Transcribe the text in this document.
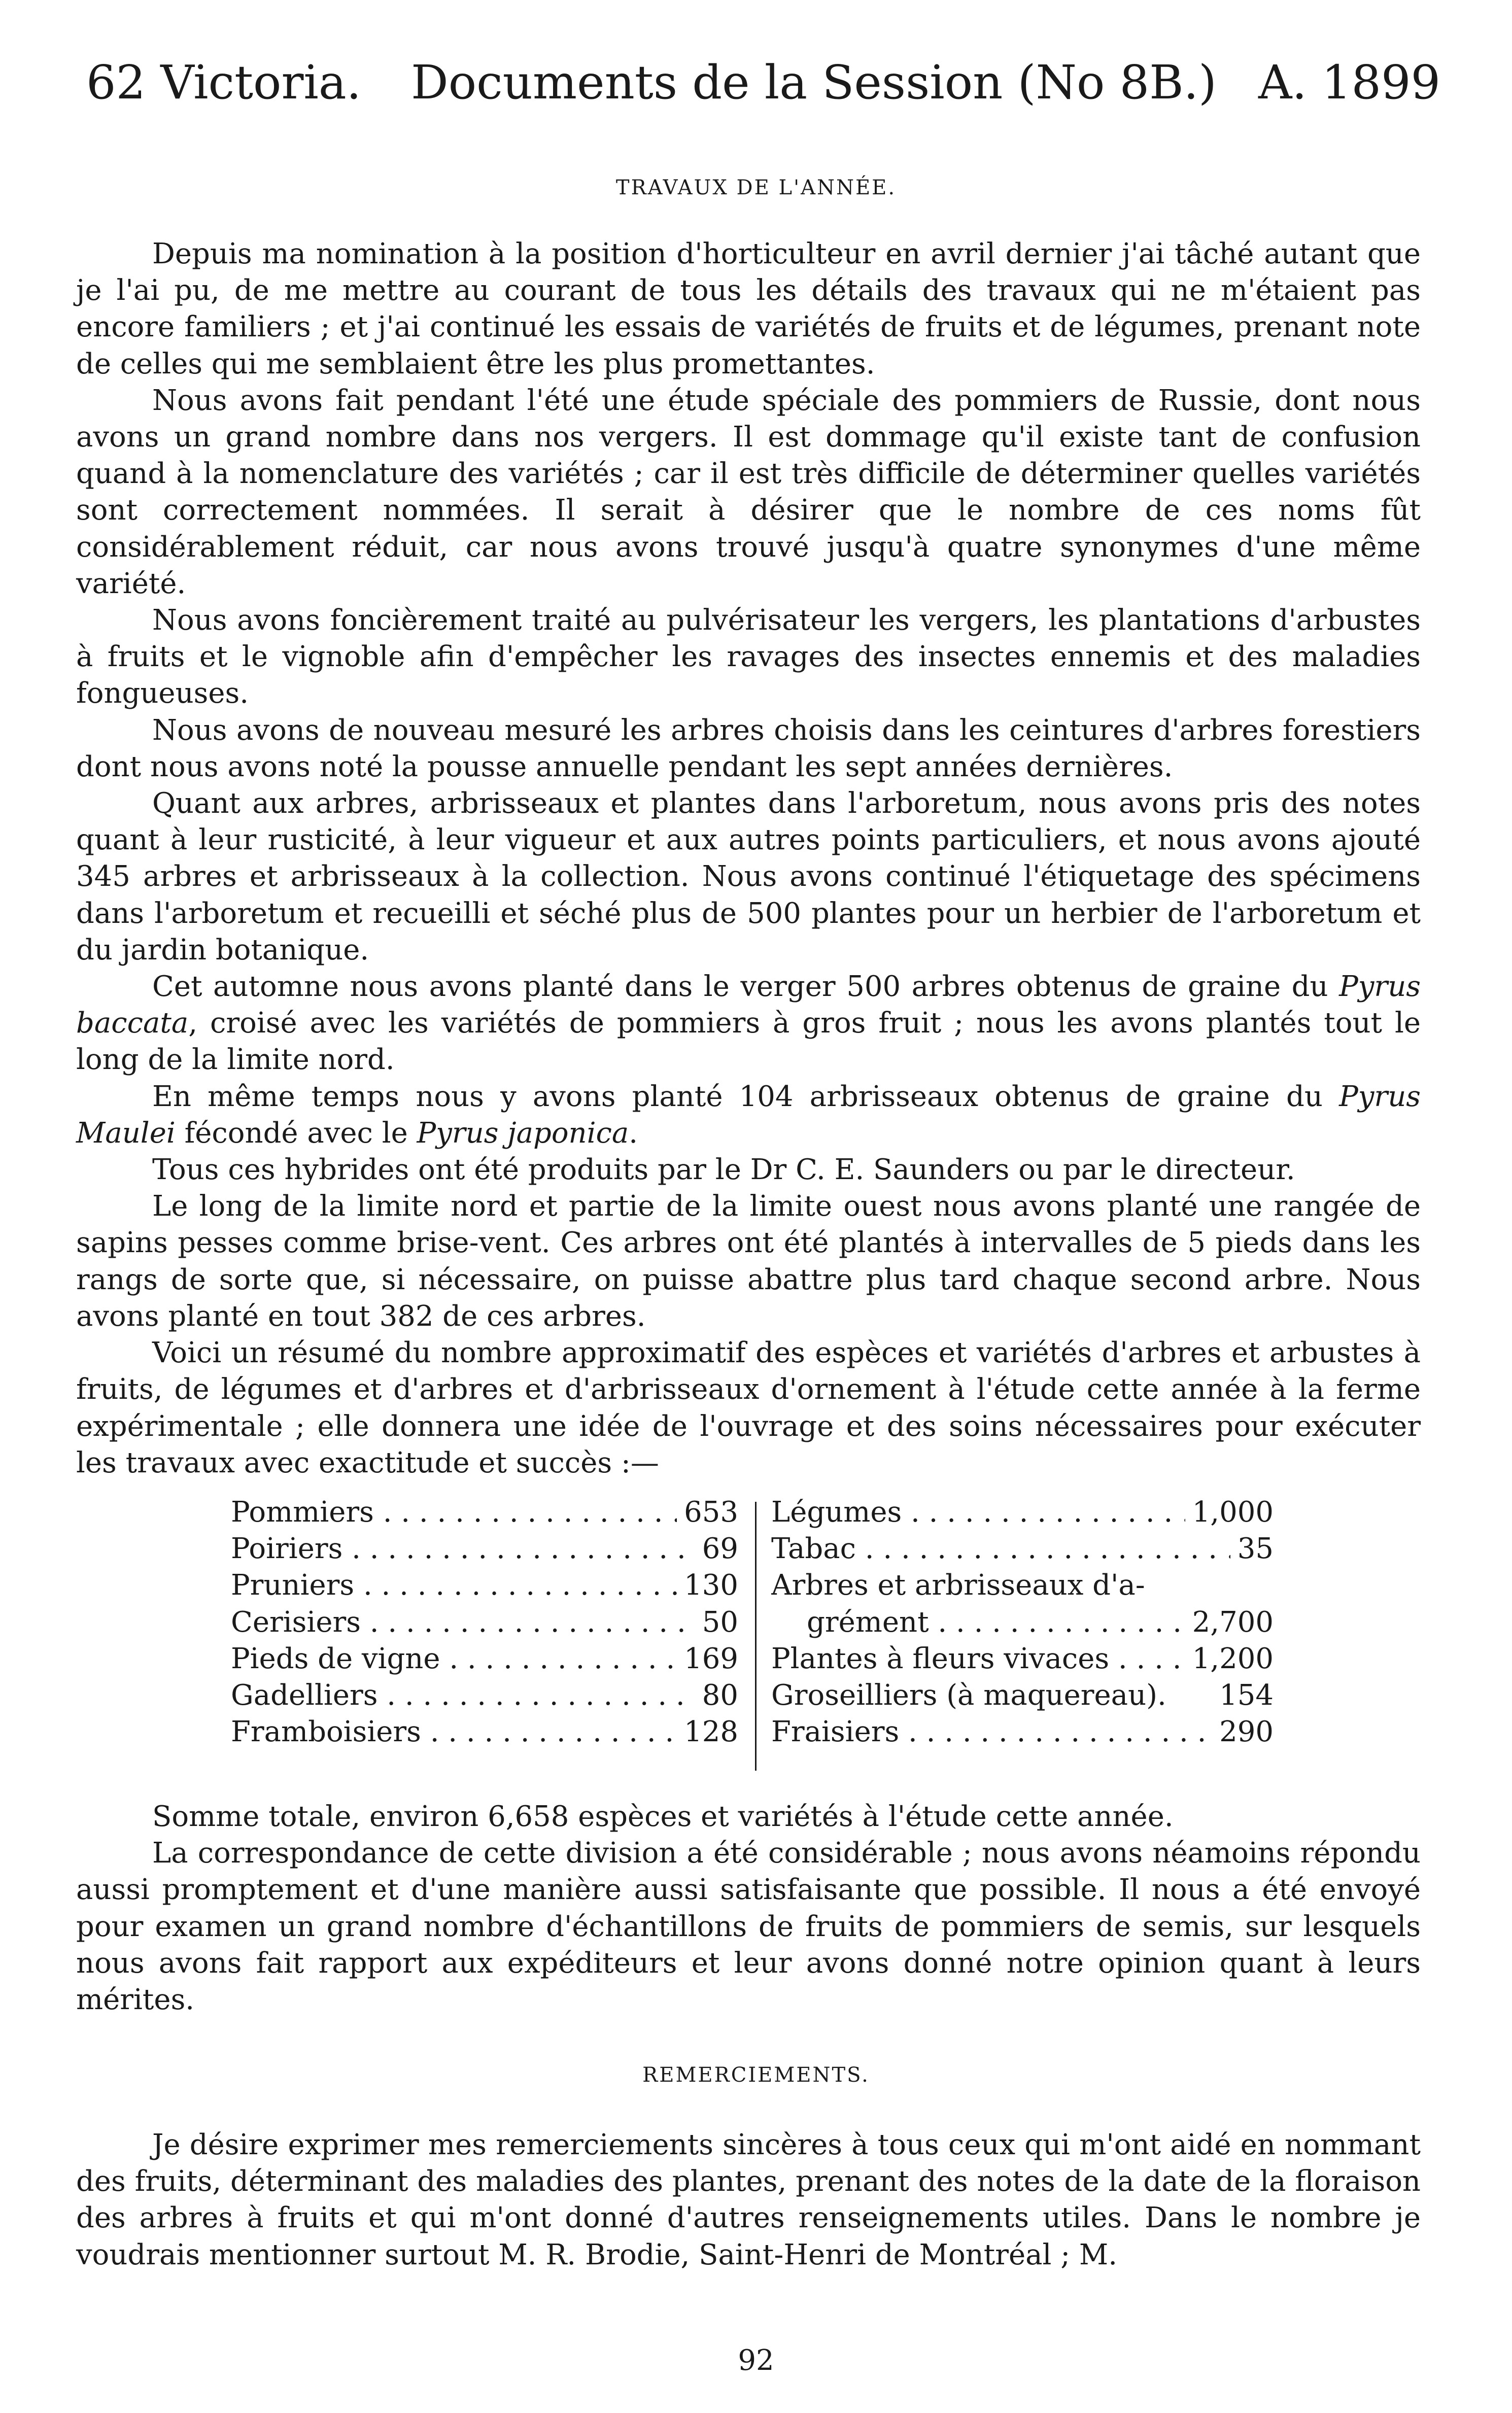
62 Victoria. Documents de la Session (No 8B.) A. 1899
TRAVAUX DE L'ANNÉE.

Depuis ma nomination à la position d'horticulteur en avril dernier j'ai tâché autant que je l'ai pu, de me mettre au courant de tous les détails des travaux qui ne m'étaient pas encore familiers ; et j'ai continué les essais de variétés de fruits et de légumes, prenant note de celles qui me semblaient être les plus promettantes.

Nous avons fait pendant l'été une étude spéciale des pommiers de Russie, dont nous avons un grand nombre dans nos vergers. Il est dommage qu'il existe tant de confusion quand à la nomenclature des variétés ; car il est très difficile de déterminer quelles variétés sont correctement nommées. Il serait à désirer que le nombre de ces noms fût considérablement réduit, car nous avons trouvé jusqu'à quatre synonymes d'une même variété.

Nous avons foncièrement traité au pulvérisateur les vergers, les plantations d'arbustes à fruits et le vignoble afin d'empêcher les ravages des insectes ennemis et des maladies fongueuses.

Nous avons de nouveau mesuré les arbres choisis dans les ceintures d'arbres forestiers dont nous avons noté la pousse annuelle pendant les sept années dernières.

Quant aux arbres, arbrisseaux et plantes dans l'arboretum, nous avons pris des notes quant à leur rusticité, à leur vigueur et aux autres points particuliers, et nous avons ajouté 345 arbres et arbrisseaux à la collection. Nous avons continué l'étiquetage des spécimens dans l'arboretum et recueilli et séché plus de 500 plantes pour un herbier de l'arboretum et du jardin botanique.

Cet automne nous avons planté dans le verger 500 arbres obtenus de graine du Pyrus baccata, croisé avec les variétés de pommiers à gros fruit ; nous les avons plantés tout le long de la limite nord.

En même temps nous y avons planté 104 arbrisseaux obtenus de graine du Pyrus Maulei fécondé avec le Pyrus japonica.

Tous ces hybrides ont été produits par le Dr C. E. Saunders ou par le directeur.

Le long de la limite nord et partie de la limite ouest nous avons planté une rangée de sapins pesses comme brise-vent. Ces arbres ont été plantés à intervalles de 5 pieds dans les rangs de sorte que, si nécessaire, on puisse abattre plus tard chaque second arbre. Nous avons planté en tout 382 de ces arbres.

Voici un résumé du nombre approximatif des espèces et variétés d'arbres et arbustes à fruits, de légumes et d'arbres et d'arbrisseaux d'ornement à l'étude cette année à la ferme expérimentale ; elle donnera une idée de l'ouvrage et des soins nécessaires pour exécuter les travaux avec exactitude et succès :—

Pommiers . . .	653
Poiriers . . .	69
Pruniers . . .	130
Cerisiers . . .	50
Pieds de vigne . . .	169
Gadelliers . . .	80
Framboisiers . . .	128
Légumes . . .	1,000
Tabac . . .	35
Arbres et arbrisseaux d'a-
grément . . .	2,700
Plantes à fleurs vivaces . . .	1,200
Groseilliers (à maquereau).	154
Fraisiers . . .	290

Somme totale, environ 6,658 espèces et variétés à l'étude cette année.

La correspondance de cette division a été considérable ; nous avons néamoins répondu aussi promptement et d'une manière aussi satisfaisante que possible. Il nous a été envoyé pour examen un grand nombre d'échantillons de fruits de pommiers de semis, sur lesquels nous avons fait rapport aux expéditeurs et leur avons donné notre opinion quant à leurs mérites.

REMERCIEMENTS.

Je désire exprimer mes remerciements sincères à tous ceux qui m'ont aidé en nommant des fruits, déterminant des maladies des plantes, prenant des notes de la date de la floraison des arbres à fruits et qui m'ont donné d'autres renseignements utiles. Dans le nombre je voudrais mentionner surtout M. R. Brodie, Saint-Henri de Montréal ; M.

92
